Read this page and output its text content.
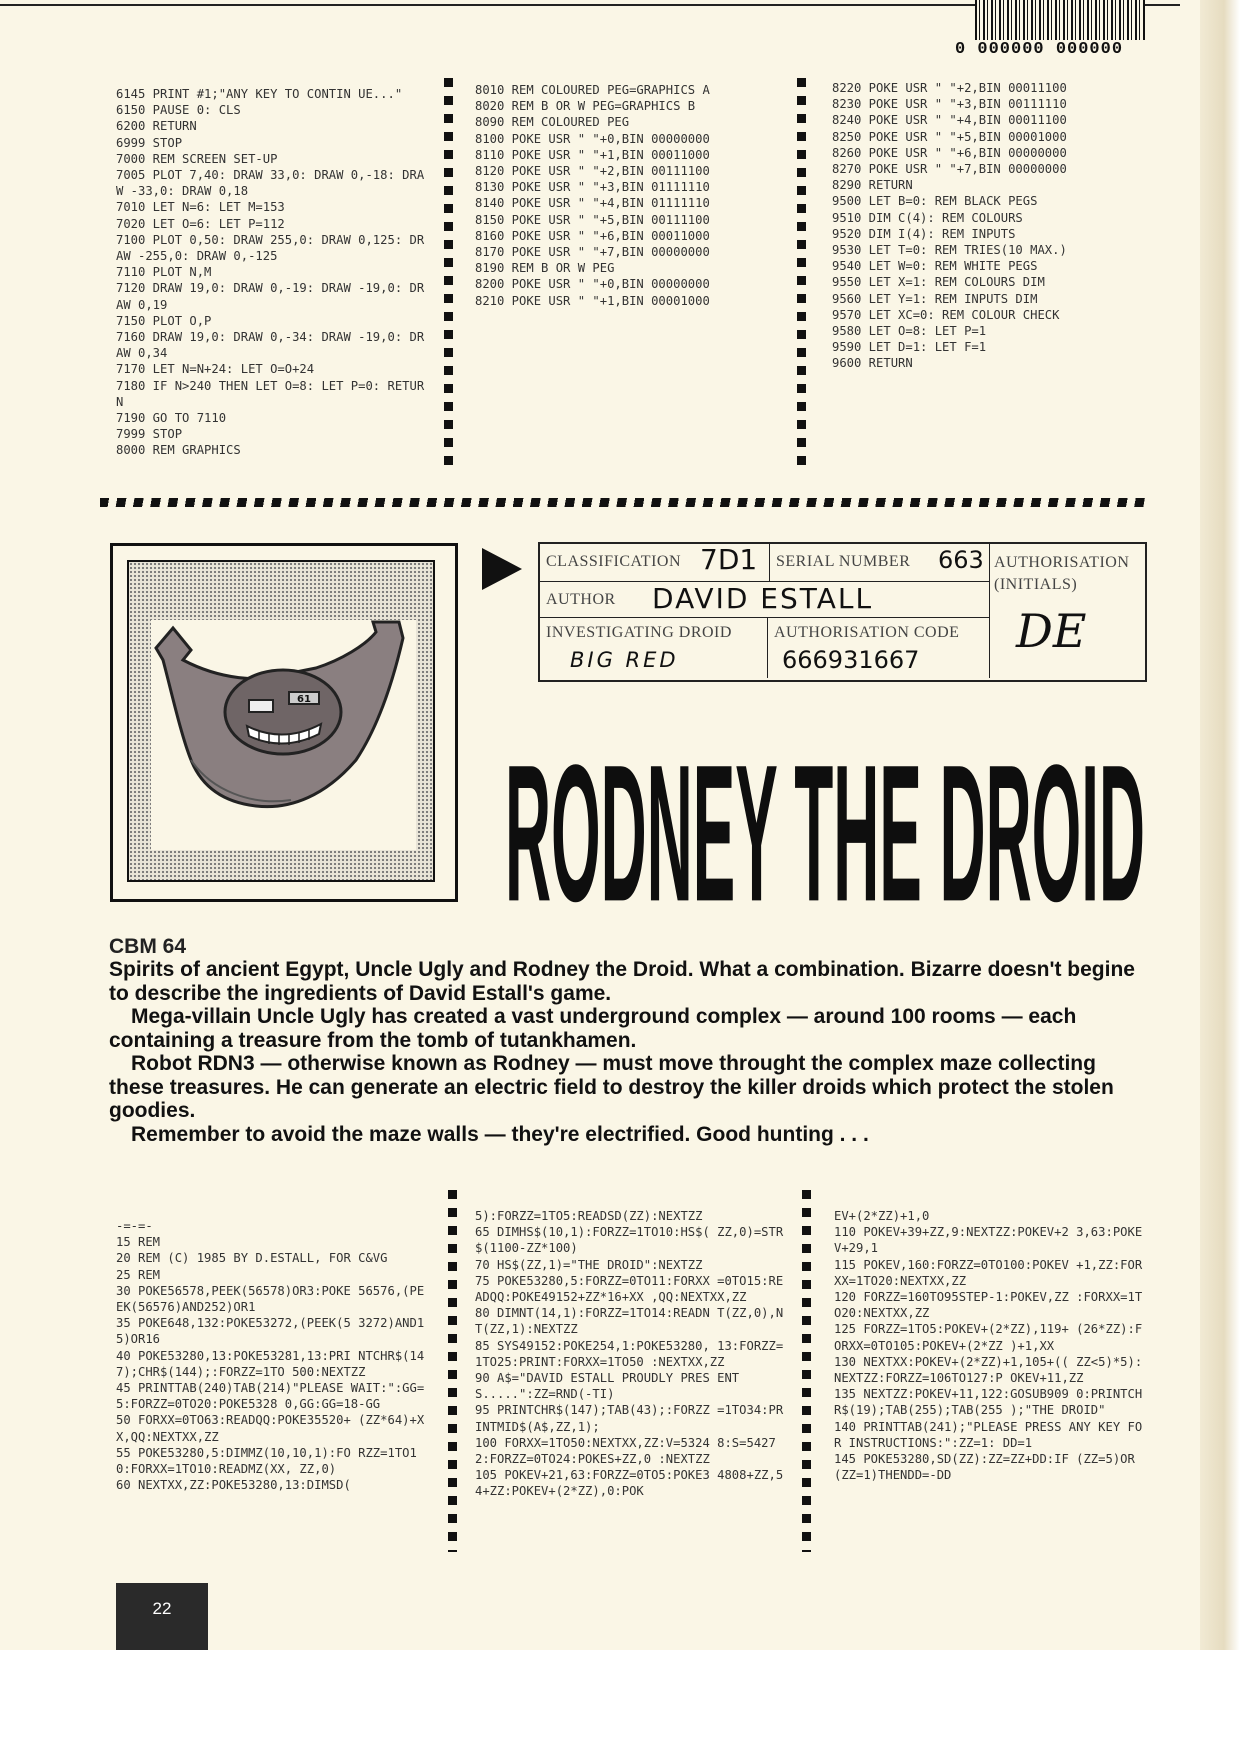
0 000000 000000
6145 PRINT #1;"ANY KEY TO CONTIN UE..."
6150 PAUSE 0: CLS
6200 RETURN
6999 STOP
7000 REM SCREEN SET-UP
7005 PLOT 7,40: DRAW 33,0: DRAW 0,-18: DRAW -33,0: DRAW 0,18
7010 LET N=6: LET M=153
7020 LET O=6: LET P=112
7100 PLOT 0,50: DRAW 255,0: DRAW 0,125: DRAW -255,0: DRAW 0,-125
7110 PLOT N,M
7120 DRAW 19,0: DRAW 0,-19: DRAW -19,0: DRAW 0,19
7150 PLOT O,P
7160 DRAW 19,0: DRAW 0,-34: DRAW -19,0: DRAW 0,34
7170 LET N=N+24: LET O=O+24
7180 IF N>240 THEN LET O=8: LET P=0: RETURN
7190 GO TO 7110
7999 STOP
8000 REM GRAPHICS
8010 REM COLOURED PEG=GRAPHICS A
8020 REM B OR W PEG=GRAPHICS B
8090 REM COLOURED PEG
8100 POKE USR " "+0,BIN 00000000
8110 POKE USR " "+1,BIN 00011000
8120 POKE USR " "+2,BIN 00111100
8130 POKE USR " "+3,BIN 01111110
8140 POKE USR " "+4,BIN 01111110
8150 POKE USR " "+5,BIN 00111100
8160 POKE USR " "+6,BIN 00011000
8170 POKE USR " "+7,BIN 00000000
8190 REM B OR W PEG
8200 POKE USR " "+0,BIN 00000000
8210 POKE USR " "+1,BIN 00001000
8220 POKE USR " "+2,BIN 00011100
8230 POKE USR " "+3,BIN 00111110
8240 POKE USR " "+4,BIN 00011100
8250 POKE USR " "+5,BIN 00001000
8260 POKE USR " "+6,BIN 00000000
8270 POKE USR " "+7,BIN 00000000
8290 RETURN
9500 LET B=0: REM BLACK PEGS
9510 DIM C(4): REM COLOURS
9520 DIM I(4): REM INPUTS
9530 LET T=0: REM TRIES(10 MAX.)
9540 LET W=0: REM WHITE PEGS
9550 LET X=1: REM COLOURS DIM
9560 LET Y=1: REM INPUTS DIM
9570 LET XC=0: REM COLOUR CHECK
9580 LET O=8: LET P=1
9590 LET D=1: LET F=1
9600 RETURN
61
CLASSIFICATION 7D1 SERIAL NUMBER 663 AUTHORISATION (INITIALS)
DE
AUTHOR DAVID ESTALL
INVESTIGATING DROID
BIG RED
AUTHORISATION CODE
666931667
RODNEY THE DROID
CBM 64

Spirits of ancient Egypt, Uncle Ugly and Rodney the Droid. What a combination. Bizarre doesn't begine to describe the ingredients of David Estall's game.

Mega-villain Uncle Ugly has created a vast underground complex — around 100 rooms — each containing a treasure from the tomb of tutankhamen.

Robot RDN3 — otherwise known as Rodney — must move throught the complex maze collecting these treasures. He can generate an electric field to destroy the killer droids which protect the stolen goodies.

Remember to avoid the maze walls — they're electrified. Good hunting . . .

-=-=-
15 REM
20 REM (C) 1985 BY D.ESTALL, FOR C&VG
25 REM
30 POKE56578,PEEK(56578)OR3:POKE 56576,(PEEK(56576)AND252)OR1
35 POKE648,132:POKE53272,(PEEK(5 3272)AND15)OR16
40 POKE53280,13:POKE53281,13:PRI NTCHR$(147);CHR$(144);:FORZZ=1TO 500:NEXTZZ
45 PRINTTAB(240)TAB(214)"PLEASE WAIT:":GG=5:FORZZ=0TO20:POKE5328 0,GG:GG=18-GG
50 FORXX=0TO63:READQQ:POKE35520+ (ZZ*64)+XX,QQ:NEXTXX,ZZ
55 POKE53280,5:DIMMZ(10,10,1):FO RZZ=1TO10:FORXX=1TO10:READMZ(XX, ZZ,0)
60 NEXTXX,ZZ:POKE53280,13:DIMSD(
5):FORZZ=1TO5:READSD(ZZ):NEXTZZ
65 DIMHS$(10,1):FORZZ=1TO10:HS$( ZZ,0)=STR$(1100-ZZ*100)
70 HS$(ZZ,1)="THE DROID":NEXTZZ
75 POKE53280,5:FORZZ=0TO11:FORXX =0TO15:READQQ:POKE49152+ZZ*16+XX ,QQ:NEXTXX,ZZ
80 DIMNT(14,1):FORZZ=1TO14:READN T(ZZ,0),NT(ZZ,1):NEXTZZ
85 SYS49152:POKE254,1:POKE53280, 13:FORZZ=1TO25:PRINT:FORXX=1TO50 :NEXTXX,ZZ
90 A$="DAVID ESTALL PROUDLY PRES ENTS.....":ZZ=RND(-TI)
95 PRINTCHR$(147);TAB(43);:FORZZ =1TO34:PRINTMID$(A$,ZZ,1);
100 FORXX=1TO50:NEXTXX,ZZ:V=5324 8:S=54272:FORZZ=0TO24:POKES+ZZ,0 :NEXTZZ
105 POKEV+21,63:FORZZ=0TO5:POKE3 4808+ZZ,54+ZZ:POKEV+(2*ZZ),0:POK
EV+(2*ZZ)+1,0
110 POKEV+39+ZZ,9:NEXTZZ:POKEV+2 3,63:POKEV+29,1
115 POKEV,160:FORZZ=0TO100:POKEV +1,ZZ:FORXX=1TO20:NEXTXX,ZZ
120 FORZZ=160TO95STEP-1:POKEV,ZZ :FORXX=1TO20:NEXTXX,ZZ
125 FORZZ=1TO5:POKEV+(2*ZZ),119+ (26*ZZ):FORXX=0TO105:POKEV+(2*ZZ )+1,XX
130 NEXTXX:POKEV+(2*ZZ)+1,105+(( ZZ<5)*5):NEXTZZ:FORZZ=106TO127:P OKEV+11,ZZ
135 NEXTZZ:POKEV+11,122:GOSUB909 0:PRINTCHR$(19);TAB(255);TAB(255 );"THE DROID"
140 PRINTTAB(241);"PLEASE PRESS ANY KEY FOR INSTRUCTIONS:":ZZ=1: DD=1
145 POKE53280,SD(ZZ):ZZ=ZZ+DD:IF (ZZ=5)OR(ZZ=1)THENDD=-DD
22
